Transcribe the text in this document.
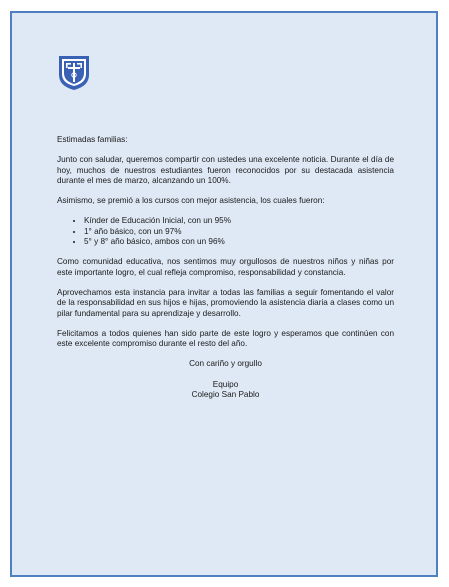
Estimadas familias:

Junto con saludar, queremos compartir con ustedes una excelente noticia. Durante el día de hoy, muchos de nuestros estudiantes fueron reconocidos por su destacada asistencia durante el mes de marzo, alcanzando un 100%.

Asimismo, se premió a los cursos con mejor asistencia, los cuales fueron:

• Kínder de Educación Inicial, con un 95%
• 1° año básico, con un 97%
• 5° y 8° año básico, ambos con un 96%

Como comunidad educativa, nos sentimos muy orgullosos de nuestros niños y niñas por este importante logro, el cual refleja compromiso, responsabilidad y constancia.

Aprovechamos esta instancia para invitar a todas las familias a seguir fomentando el valor de la responsabilidad en sus hijos e hijas, promoviendo la asistencia diaria a clases como un pilar fundamental para su aprendizaje y desarrollo.

Felicitamos a todos quienes han sido parte de este logro y esperamos que continúen con este excelente compromiso durante el resto del año.

Con cariño y orgullo

Equipo

Colegio San Pablo
